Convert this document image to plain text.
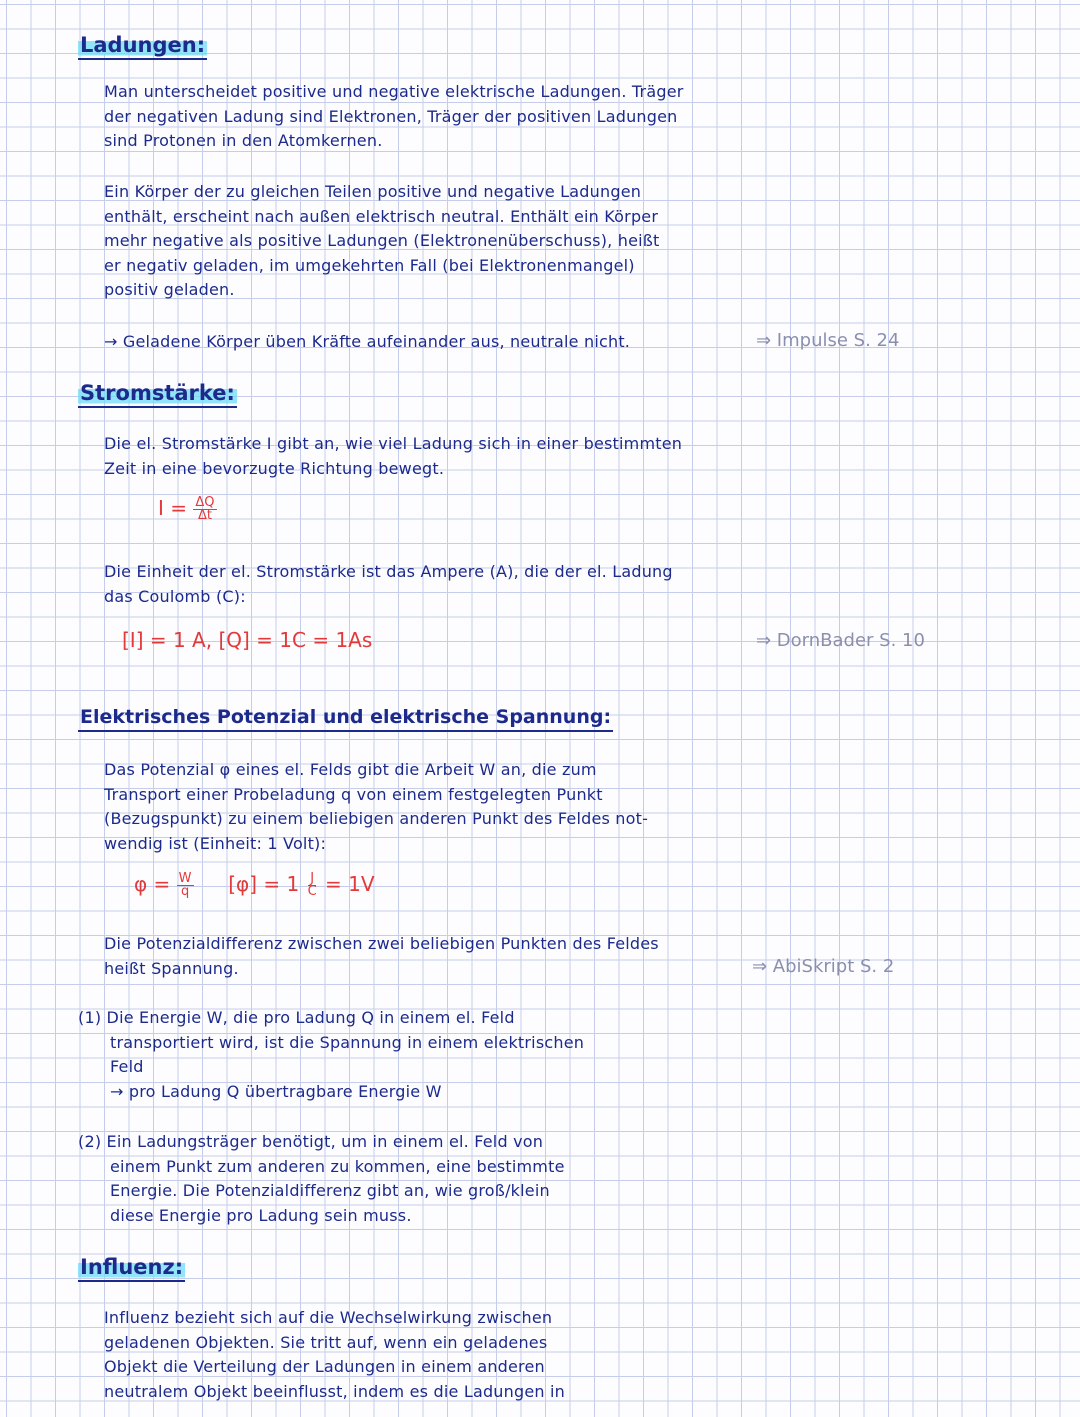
Ladungen:

Man unterscheidet positive und negative elektrische Ladungen. Träger

der negativen Ladung sind Elektronen, Träger der positiven Ladungen

sind Protonen in den Atomkernen.

Ein Körper der zu gleichen Teilen positive und negative Ladungen

enthält, erscheint nach außen elektrisch neutral. Enthält ein Körper

mehr negative als positive Ladungen (Elektronenüberschuss), heißt

er negativ geladen, im umgekehrten Fall (bei Elektronenmangel)

positiv geladen.

→ Geladene Körper üben Kräfte aufeinander aus, neutrale nicht.	⇒ Impulse S. 24
Stromstärke:

Die el. Stromstärke I gibt an, wie viel Ladung sich in einer bestimmten

Zeit in eine bevorzugte Richtung bewegt.

$I = \frac{\Delta Q}{\Delta t}$

Die Einheit der el. Stromstärke ist das Ampere (A), die der el. Ladung

das Coulomb (C):

[I] = 1 A, [Q] = 1C = 1As	⇒ DornBader S. 10
Elektrisches Potenzial und elektrische Spannung:

Das Potenzial φ eines el. Felds gibt die Arbeit W an, die zum

Transport einer Probeladung q von einem festgelegten Punkt

(Bezugspunkt) zu einem beliebigen anderen Punkt des Feldes not-

wendig ist (Einheit: 1 Volt):

$\varphi = \frac{W}{q} [\varphi] = 1 \frac{J}{C} = 1V$

Die Potenzialdifferenz zwischen zwei beliebigen Punkten des Feldes

heißt Spannung.	⇒ AbiSkript S. 2

(1) Die Energie W, die pro Ladung Q in einem el. Feld

transportiert wird, ist die Spannung in einem elektrischen

Feld

→ pro Ladung Q übertragbare Energie W

(2) Ein Ladungsträger benötigt, um in einem el. Feld von

einem Punkt zum anderen zu kommen, eine bestimmte

Energie. Die Potenzialdifferenz gibt an, wie groß/klein

diese Energie pro Ladung sein muss.

Influenz:

Influenz bezieht sich auf die Wechselwirkung zwischen

geladenen Objekten. Sie tritt auf, wenn ein geladenes

Objekt die Verteilung der Ladungen in einem anderen

neutralem Objekt beeinflusst, indem es die Ladungen in
